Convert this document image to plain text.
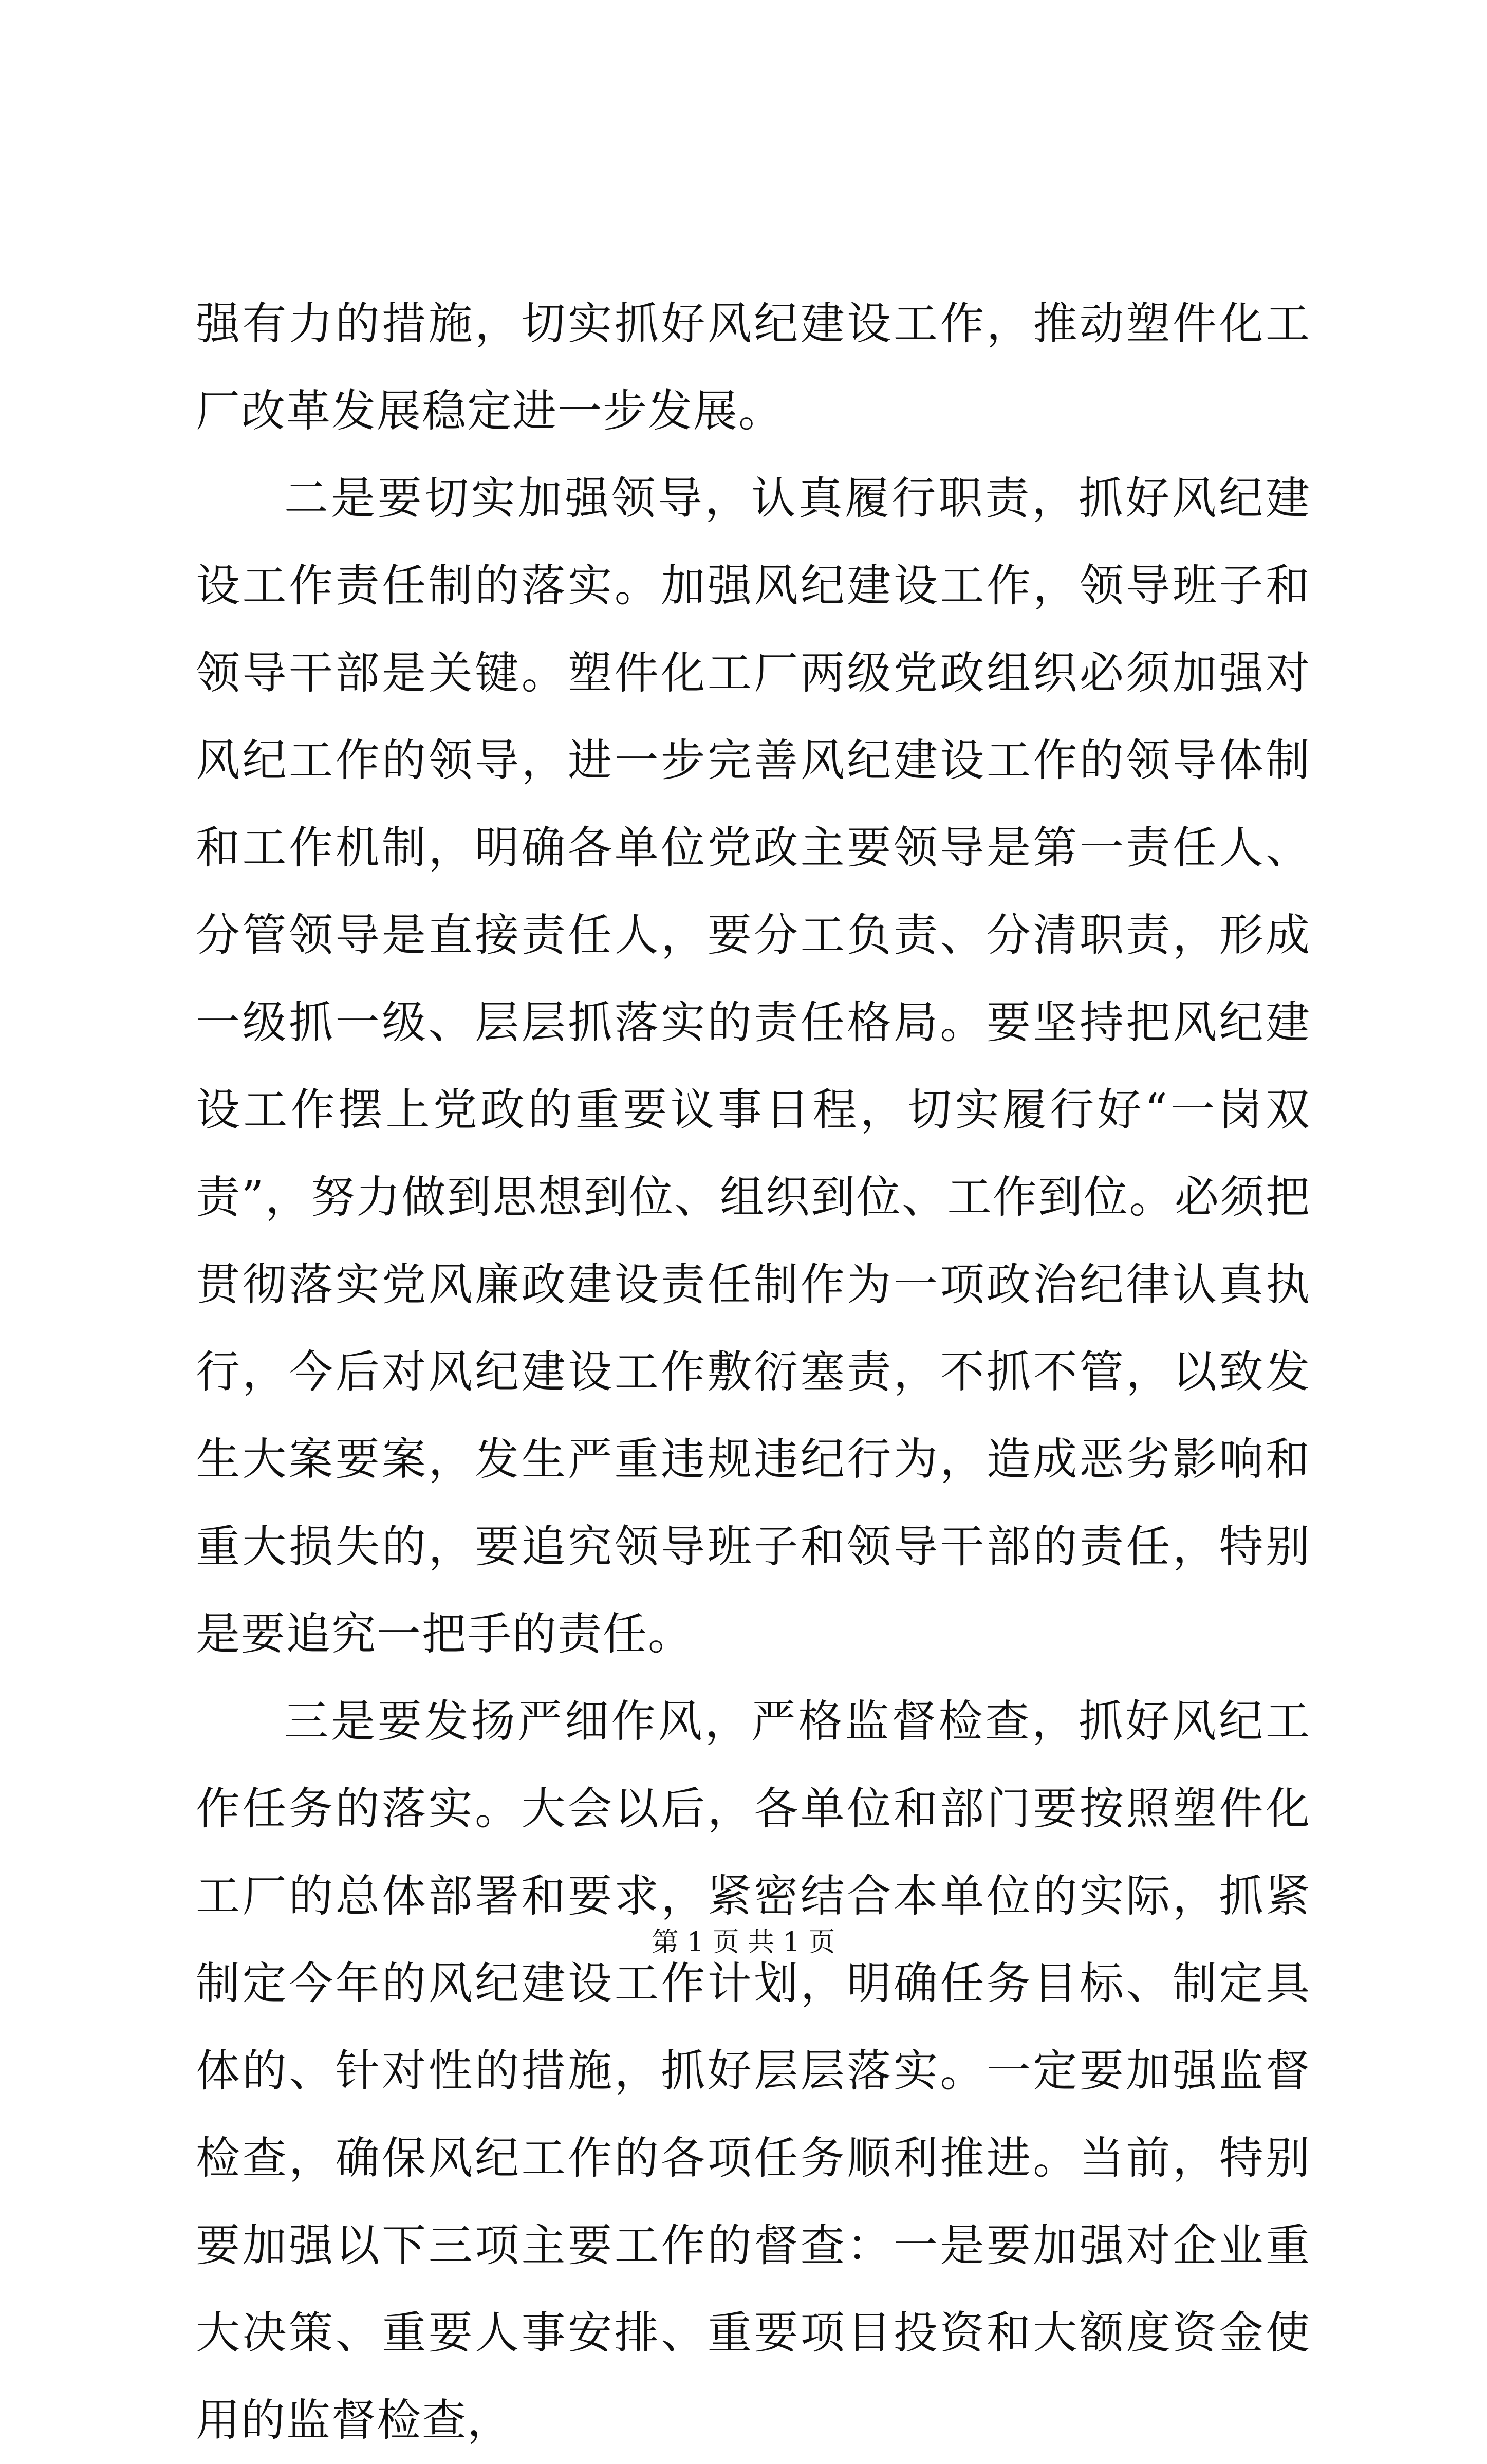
强有力的措施，切实抓好风纪建设工作，推动塑件化工厂改革发展稳定进一步发展。

二是要切实加强领导，认真履行职责，抓好风纪建设工作责任制的落实。加强风纪建设工作，领导班子和领导干部是关键。塑件化工厂两级党政组织必须加强对风纪工作的领导，进一步完善风纪建设工作的领导体制和工作机制，明确各单位党政主要领导是第一责任人、分管领导是直接责任人，要分工负责、分清职责，形成一级抓一级、层层抓落实的责任格局。要坚持把风纪建设工作摆上党政的重要议事日程，切实履行好“一岗双责”，努力做到思想到位、组织到位、工作到位。必须把贯彻落实党风廉政建设责任制作为一项政治纪律认真执行，今后对风纪建设工作敷衍塞责，不抓不管，以致发生大案要案，发生严重违规违纪行为，造成恶劣影响和重大损失的，要追究领导班子和领导干部的责任，特别是要追究一把手的责任。

三是要发扬严细作风，严格监督检查，抓好风纪工作任务的落实。大会以后，各单位和部门要按照塑件化工厂的总体部署和要求，紧密结合本单位的实际，抓紧制定今年的风纪建设工作计划，明确任务目标、制定具体的、针对性的措施，抓好层层落实。一定要加强监督检查，确保风纪工作的各项任务顺利推进。当前，特别要加强以下三项主要工作的督查：一是要加强对企业重大决策、重要人事安排、重要项目投资和大额度资金使用的监督检查，

第 1 页 共 1 页
